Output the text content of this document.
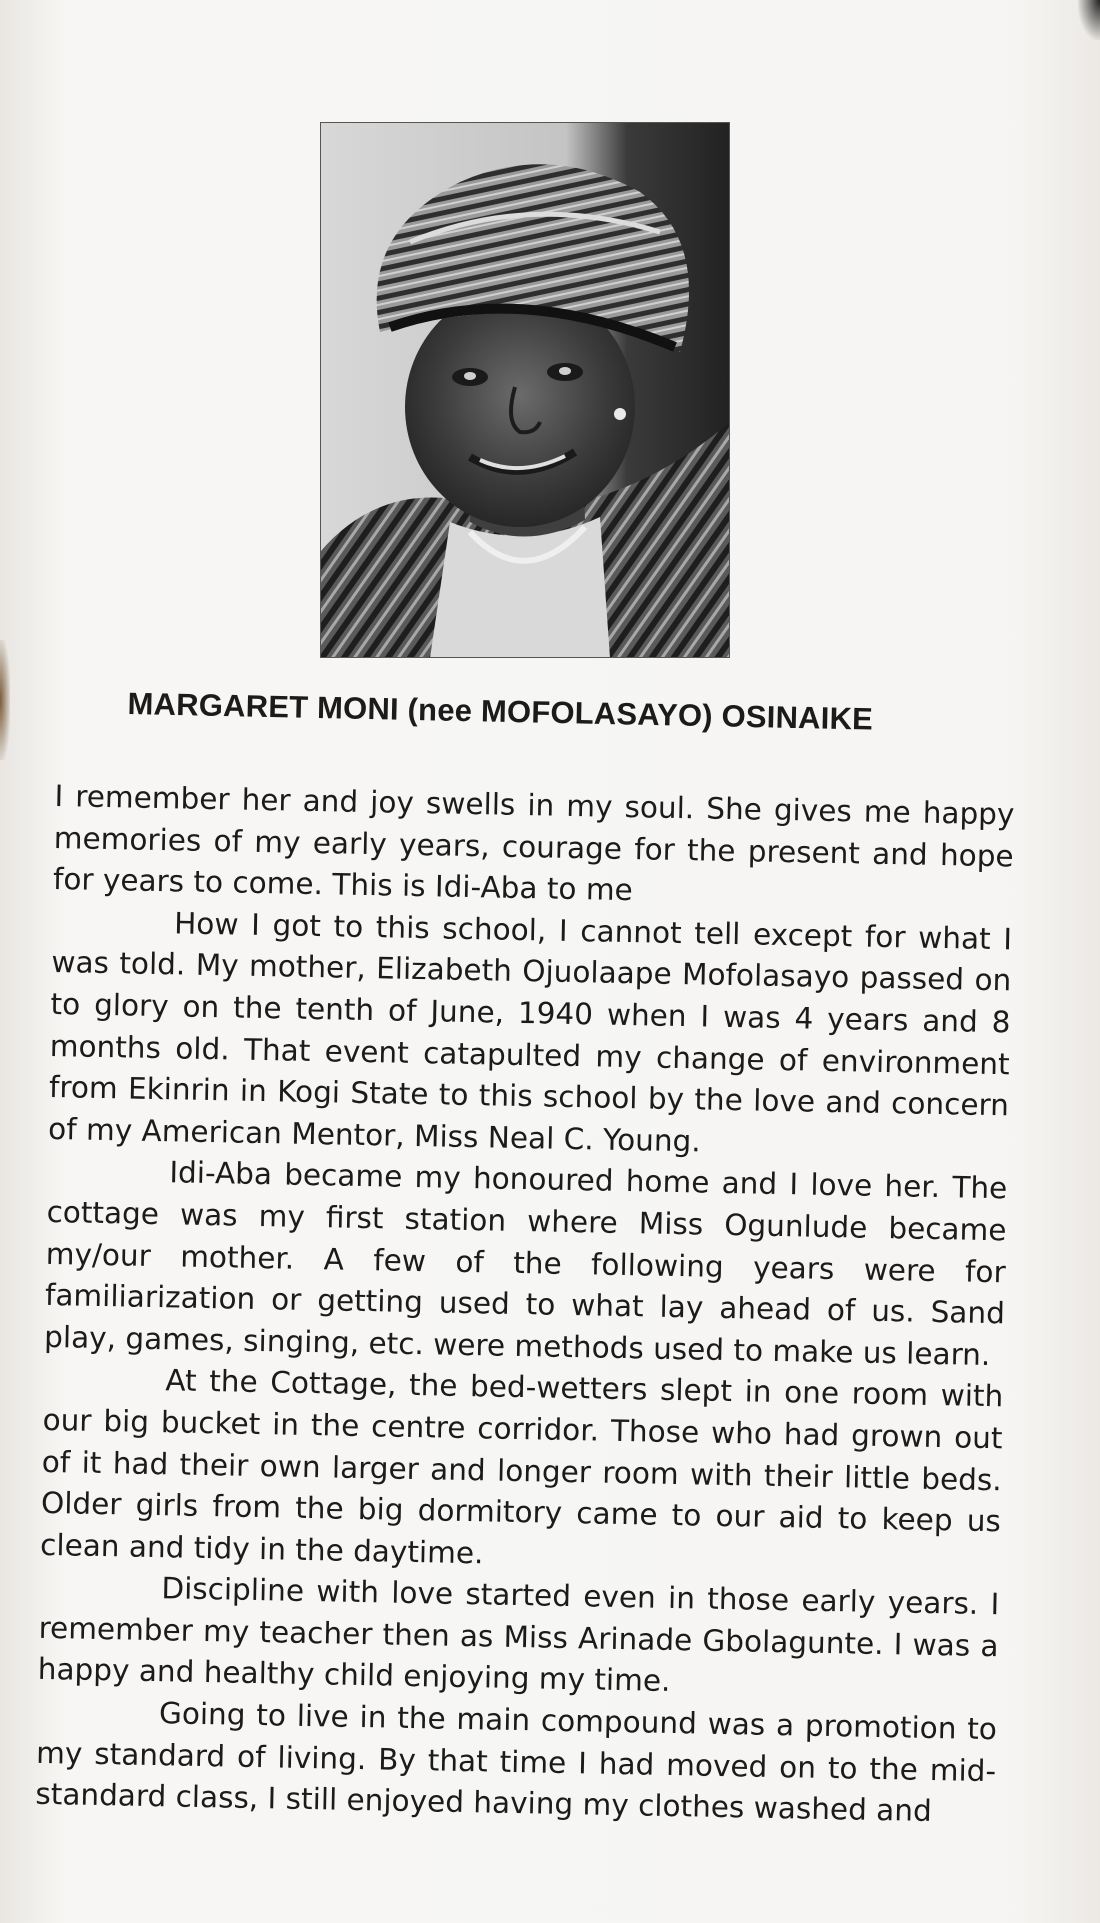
MARGARET MONI (nee MOFOLASAYO) OSINAIKE

I remember her and joy swells in my soul. She gives me happy memories of my early years, courage for the present and hope for years to come. This is Idi-Aba to me

How I got to this school, I cannot tell except for what I was told. My mother, Elizabeth Ojuolaape Mofolasayo passed on to glory on the tenth of June, 1940 when I was 4 years and 8 months old. That event catapulted my change of environment from Ekinrin in Kogi State to this school by the love and concern of my American Mentor, Miss Neal C. Young.

Idi-Aba became my honoured home and I love her. The cottage was my first station where Miss Ogunlude became my/our mother. A few of the following years were for familiarization or getting used to what lay ahead of us. Sand play, games, singing, etc. were methods used to make us learn.

At the Cottage, the bed-wetters slept in one room with our big bucket in the centre corridor. Those who had grown out of it had their own larger and longer room with their little beds. Older girls from the big dormitory came to our aid to keep us clean and tidy in the daytime.

Discipline with love started even in those early years. I remember my teacher then as Miss Arinade Gbolagunte. I was a happy and healthy child enjoying my time.

Going to live in the main compound was a promotion to my standard of living. By that time I had moved on to the mid-standard class, I still enjoyed having my clothes washed and
